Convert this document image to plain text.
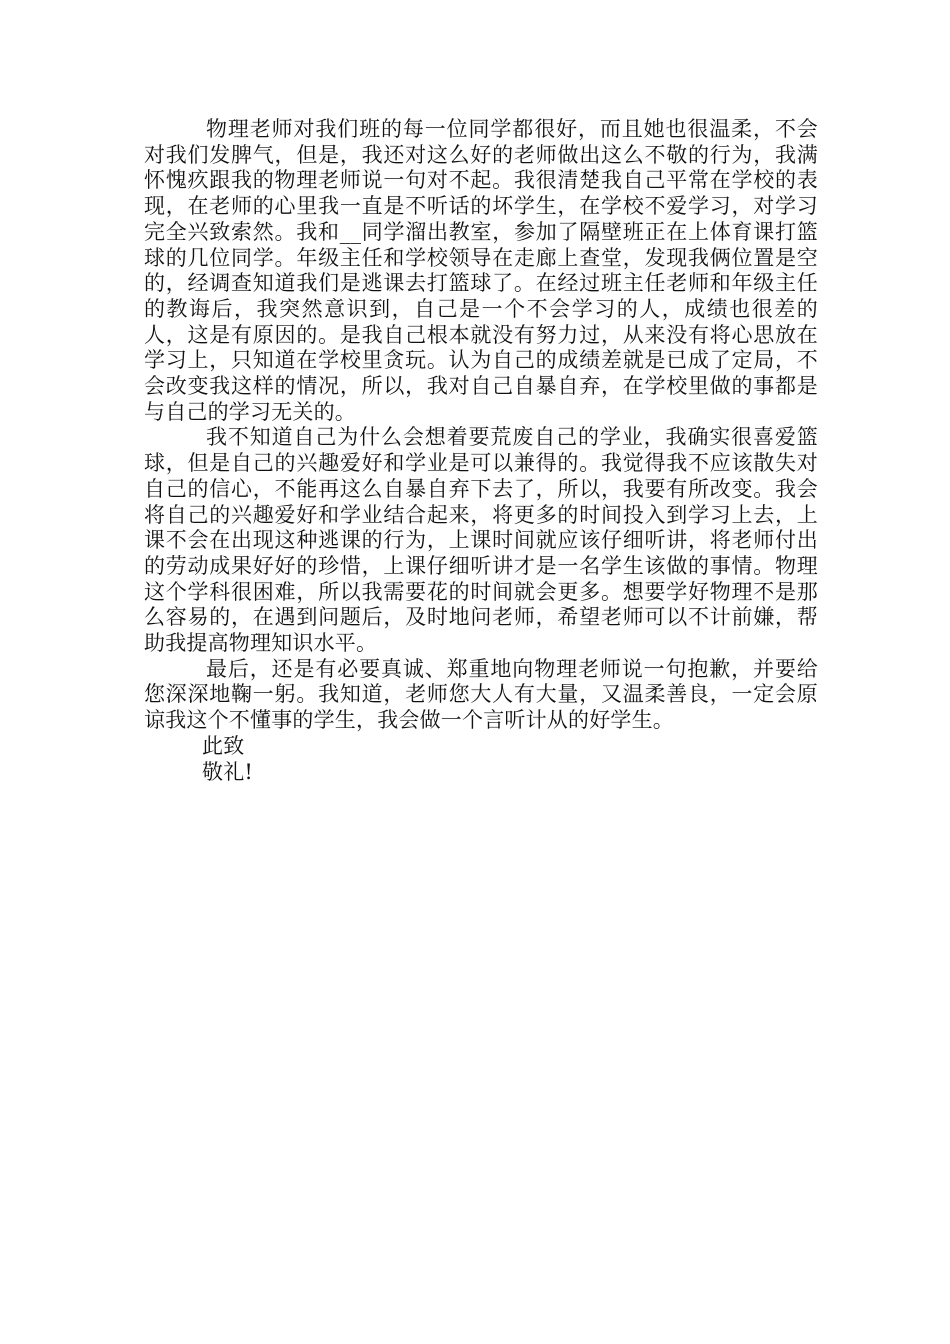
物理老师对我们班的每一位同学都很好，而且她也很温柔，不会对我们发脾气，但是，我还对这么好的老师做出这么不敬的行为，我满怀愧疚跟我的物理老师说一句对不起。我很清楚我自己平常在学校的表现，在老师的心里我一直是不听话的坏学生，在学校不爱学习，对学习完全兴致索然。我和__同学溜出教室，参加了隔壁班正在上体育课打篮球的几位同学。年级主任和学校领导在走廊上查堂，发现我俩位置是空的，经调查知道我们是逃课去打篮球了。在经过班主任老师和年级主任的教诲后，我突然意识到，自己是一个不会学习的人，成绩也很差的人，这是有原因的。是我自己根本就没有努力过，从来没有将心思放在学习上，只知道在学校里贪玩。认为自己的成绩差就是已成了定局，不会改变我这样的情况，所以，我对自己自暴自弃，在学校里做的事都是与自己的学习无关的。

我不知道自己为什么会想着要荒废自己的学业，我确实很喜爱篮球，但是自己的兴趣爱好和学业是可以兼得的。我觉得我不应该散失对自己的信心，不能再这么自暴自弃下去了，所以，我要有所改变。我会将自己的兴趣爱好和学业结合起来，将更多的时间投入到学习上去，上课不会在出现这种逃课的行为，上课时间就应该仔细听讲，将老师付出的劳动成果好好的珍惜，上课仔细听讲才是一名学生该做的事情。物理这个学科很困难，所以我需要花的时间就会更多。想要学好物理不是那么容易的，在遇到问题后，及时地问老师，希望老师可以不计前嫌，帮助我提高物理知识水平。

最后，还是有必要真诚、郑重地向物理老师说一句抱歉，并要给您深深地鞠一躬。我知道，老师您大人有大量，又温柔善良，一定会原谅我这个不懂事的学生，我会做一个言听计从的好学生。

此致

敬礼!
